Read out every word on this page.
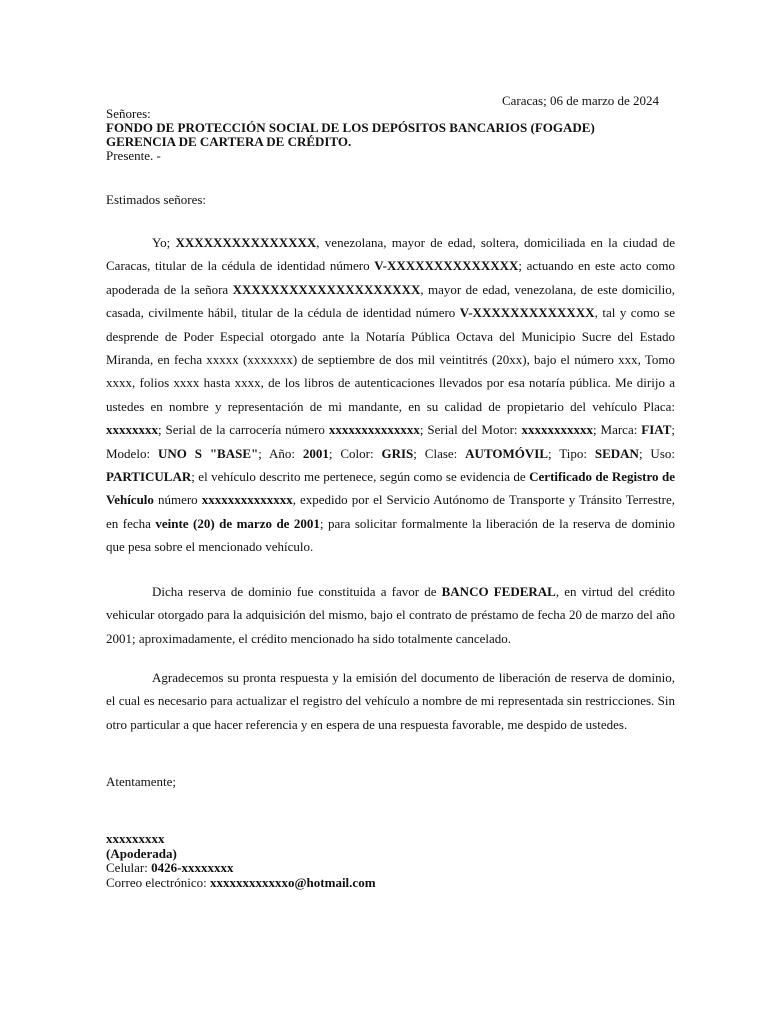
Caracas; 06 de marzo de 2024
Señores:
FONDO DE PROTECCIÓN SOCIAL DE LOS DEPÓSITOS BANCARIOS (FOGADE)
GERENCIA DE CARTERA DE CRÉDITO.
Presente. -
Estimados señores:

Yo; XXXXXXXXXXXXXXX, venezolana, mayor de edad, soltera, domiciliada en la ciudad de Caracas, titular de la cédula de identidad número V-XXXXXXXXXXXXXX; actuando en este acto como apoderada de la señora XXXXXXXXXXXXXXXXXXXX, mayor de edad, venezolana, de este domicilio, casada, civilmente hábil, titular de la cédula de identidad número V-XXXXXXXXXXXXX, tal y como se desprende de Poder Especial otorgado ante la Notaría Pública Octava del Municipio Sucre del Estado Miranda, en fecha xxxxx (xxxxxxx) de septiembre de dos mil veintitrés (20xx), bajo el número xxx, Tomo xxxx, folios xxxx hasta xxxx, de los libros de autenticaciones llevados por esa notaría pública. Me dirijo a ustedes en nombre y representación de mi mandante, en su calidad de propietario del vehículo Placa: xxxxxxxx; Serial de la carrocería número xxxxxxxxxxxxxx; Serial del Motor: xxxxxxxxxxx; Marca: FIAT; Modelo: UNO S "BASE"; Año: 2001; Color: GRIS; Clase: AUTOMÓVIL; Tipo: SEDAN; Uso: PARTICULAR; el vehículo descrito me pertenece, según como se evidencia de Certificado de Registro de Vehículo número xxxxxxxxxxxxxx, expedido por el Servicio Autónomo de Transporte y Tránsito Terrestre, en fecha veinte (20) de marzo de 2001; para solicitar formalmente la liberación de la reserva de dominio que pesa sobre el mencionado vehículo.

Dicha reserva de dominio fue constituida a favor de BANCO FEDERAL, en virtud del crédito vehicular otorgado para la adquisición del mismo, bajo el contrato de préstamo de fecha 20 de marzo del año 2001; aproximadamente, el crédito mencionado ha sido totalmente cancelado.

Agradecemos su pronta respuesta y la emisión del documento de liberación de reserva de dominio, el cual es necesario para actualizar el registro del vehículo a nombre de mi representada sin restricciones. Sin otro particular a que hacer referencia y en espera de una respuesta favorable, me despido de ustedes.

Atentamente;
xxxxxxxxx
(Apoderada)
Celular: 0426-xxxxxxxx
Correo electrónico: xxxxxxxxxxxxo@hotmail.com
